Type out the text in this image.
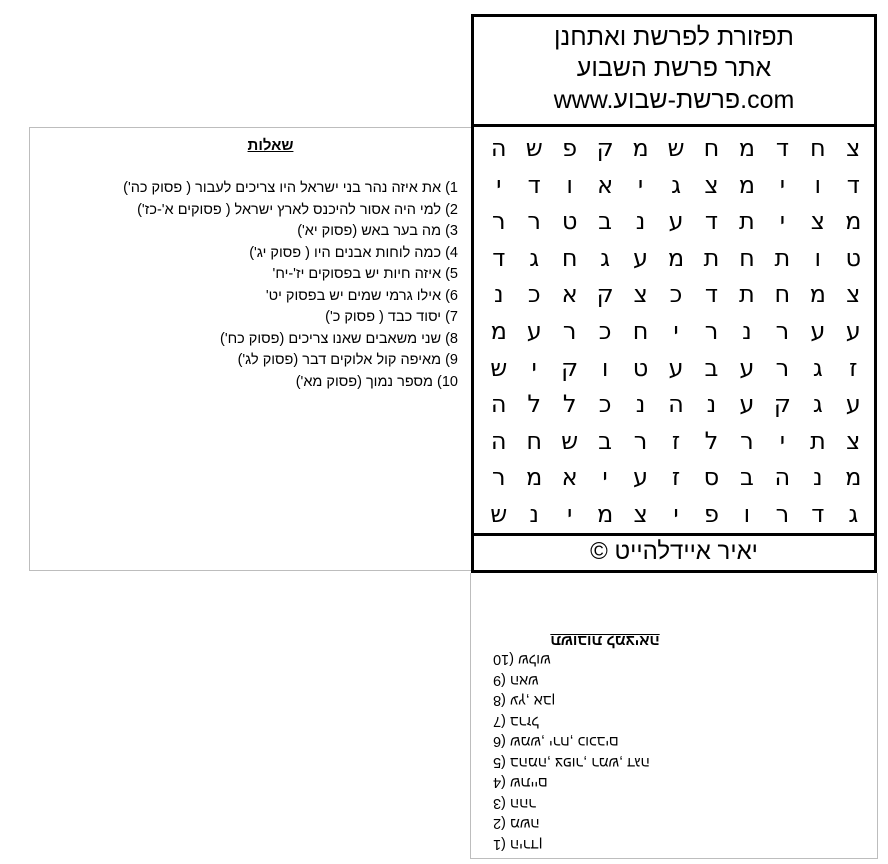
תפזורת לפרשת ואתחנן
אתר פרשת השבוע
www.פרשת-שבוע.com
צ
ח
ד
מ
ח
ש
מ
ק
פ
ש
ה
ד
ו
י
מ
צ
ג
י
א
ו
ד
י
מ
צ
י
ת
ד
ע
נ
ב
ט
ר
ר
ט
ו
ת
ח
ת
מ
ע
ג
ח
ג
ד
צ
מ
ח
ת
ד
כ
צ
ק
א
כ
נ
ע
ע
ר
נ
ר
י
ח
כ
ר
ע
מ
ז
ג
ר
ע
ב
ע
ט
ו
ק
י
ש
ע
ג
ק
ע
נ
ה
נ
כ
ל
ל
ה
צ
ת
י
ר
ל
ז
ר
ב
ש
ח
ה
מ
נ
ה
ב
ס
ז
ע
י
א
מ
ר
ג
ד
ר
ו
פ
י
צ
מ
י
נ
ש
יאיר איידלהייט ©
שאלות
1) את איזה נהר בני ישראל היו צריכים לעבור ( פסוק כה')
2) למי היה אסור להיכנס לארץ ישראל ( פסוקים א'-כז')
3) מה בער באש (פסוק יא')
4) כמה לוחות אבנים היו ( פסוק יג')
5) איזה חיות יש בפסוקים יז'-יח'
6) אילו גרמי שמים יש בפסוק יט'
7) יסוד כבד ( פסוק כ')
8) שני משאבים שאנו צריכים (פסוק כח')
9) מאיפה קול אלוקים דבר (פסוק לג')
10) מספר נמוך (פסוק מא')
1) הירדן
2) משה
3) ההר
4) שתיים
5) בהמה, צפור, רמש, דגה
6) שמש, ירח, כוכבים
7) ברזל
8) עץ, אבן
9) האש
10) שלוש
תשובות למציאה
